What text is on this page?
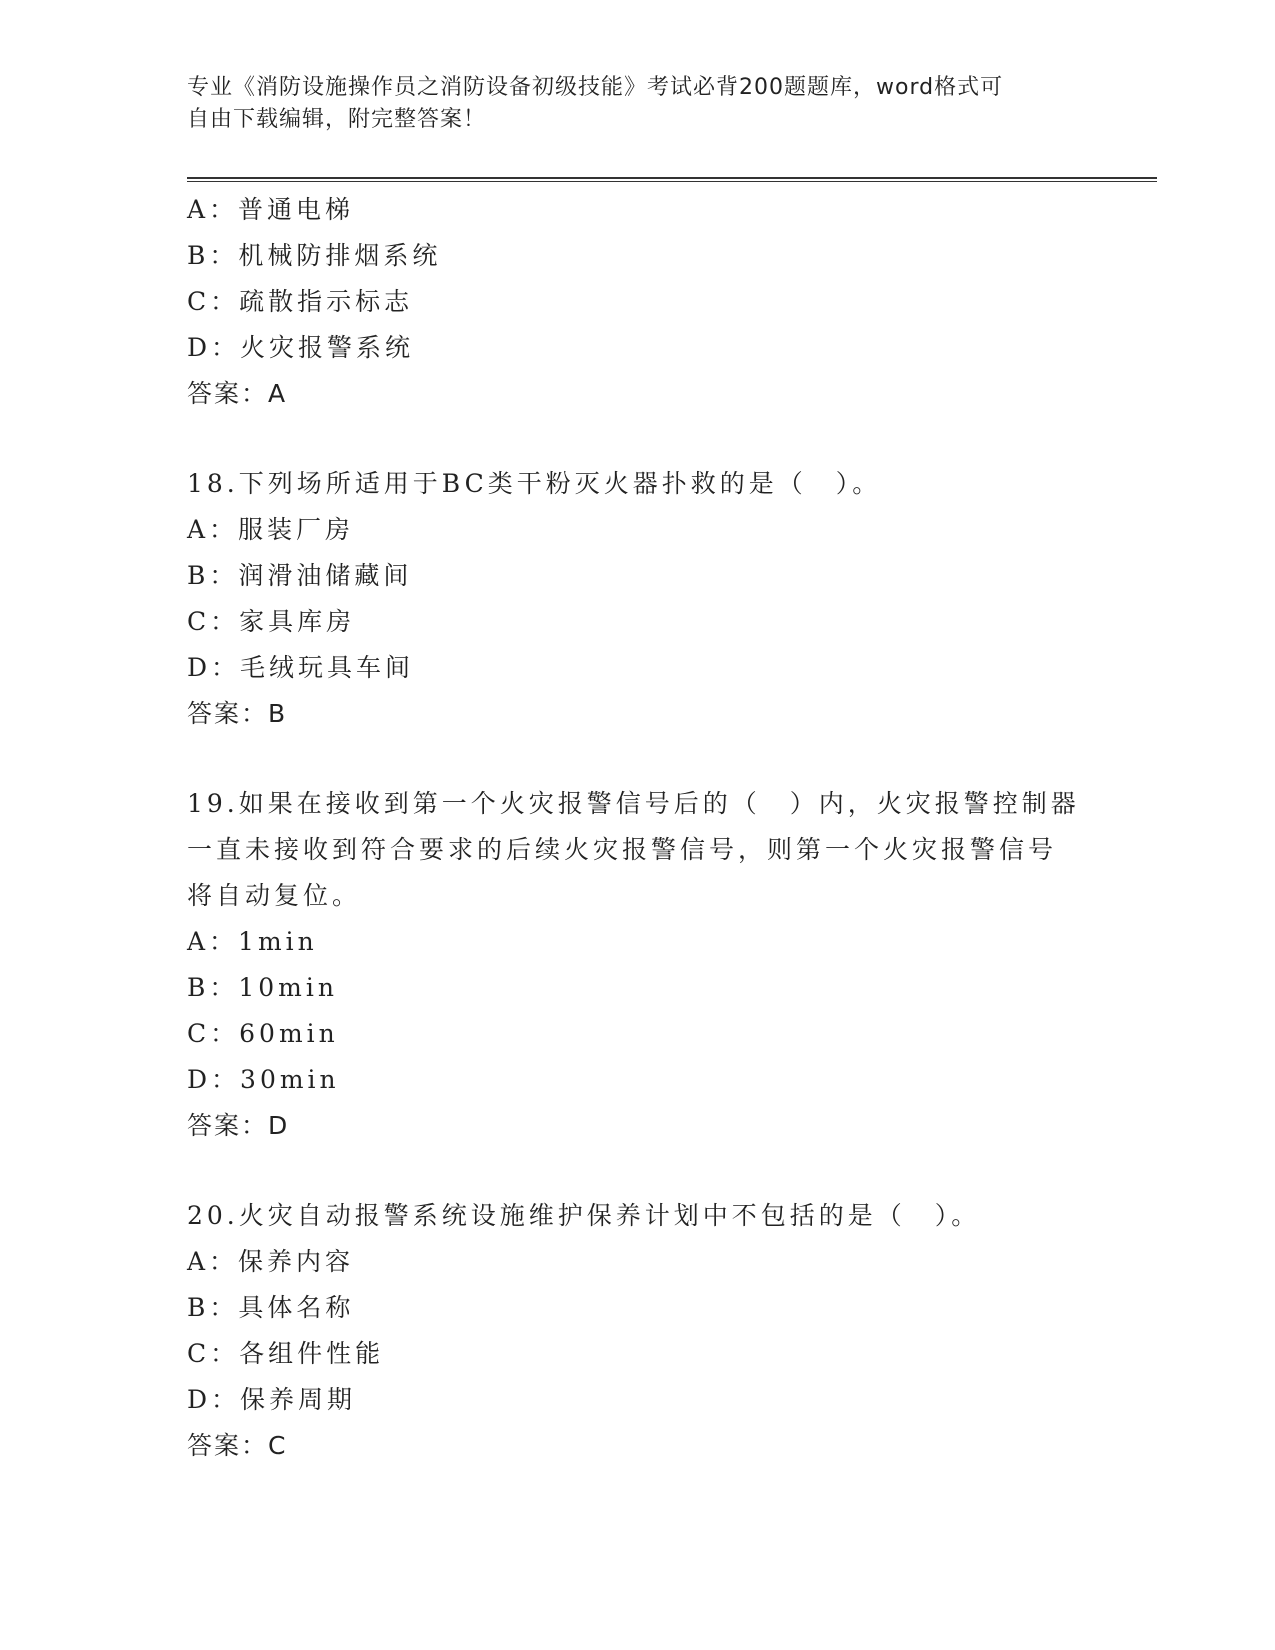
专业《消防设施操作员之消防设备初级技能》考试必背200题题库，word格式可
自由下载编辑，附完整答案！
A：普通电梯
B：机械防排烟系统
C：疏散指示标志
D：火灾报警系统
答案：A
18.下列场所适用于BC类干粉灭火器扑救的是（　）。
A：服装厂房
B：润滑油储藏间
C：家具库房
D：毛绒玩具车间
答案：B
19.如果在接收到第一个火灾报警信号后的（　）内，火灾报警控制器
一直未接收到符合要求的后续火灾报警信号，则第一个火灾报警信号
将自动复位。
A：1min
B：10min
C：60min
D：30min
答案：D
20.火灾自动报警系统设施维护保养计划中不包括的是（　）。
A：保养内容
B：具体名称
C：各组件性能
D：保养周期
答案：C
